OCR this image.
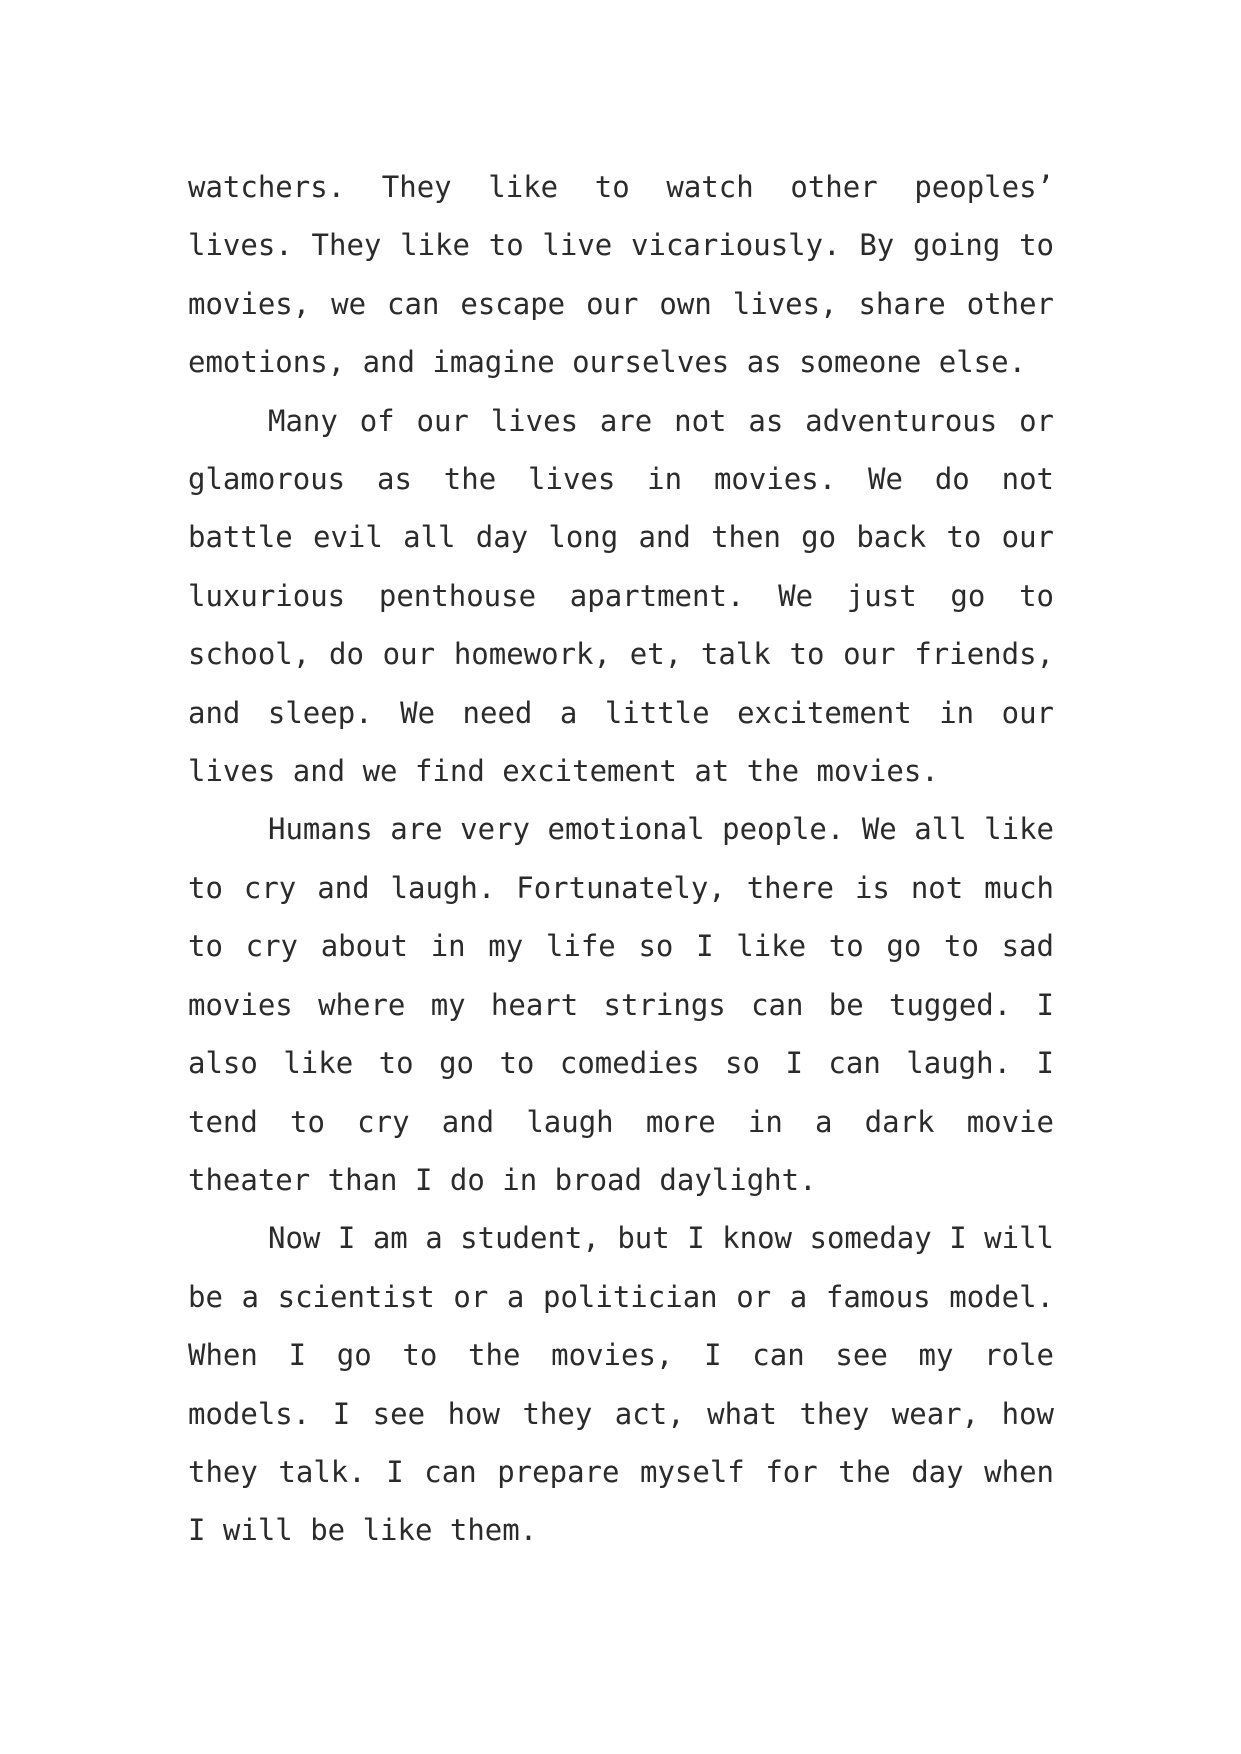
watchers. They like to watch other peoples’ lives. They like to live vicariously. By going to movies, we can escape our own lives, share other emotions, and imagine ourselves as someone else.

Many of our lives are not as adventurous or glamorous as the lives in movies. We do not battle evil all day long and then go back to our luxurious penthouse apartment. We just go to school, do our homework, et, talk to our friends, and sleep. We need a little excitement in our lives and we find excitement at the movies.

Humans are very emotional people. We all like to cry and laugh. Fortunately, there is not much to cry about in my life so I like to go to sad movies where my heart strings can be tugged. I also like to go to comedies so I can laugh. I tend to cry and laugh more in a dark movie theater than I do in broad daylight.

Now I am a student, but I know someday I will be a scientist or a politician or a famous model. When I go to the movies, I can see my role models. I see how they act, what they wear, how they talk. I can prepare myself for the day when I will be like them.
